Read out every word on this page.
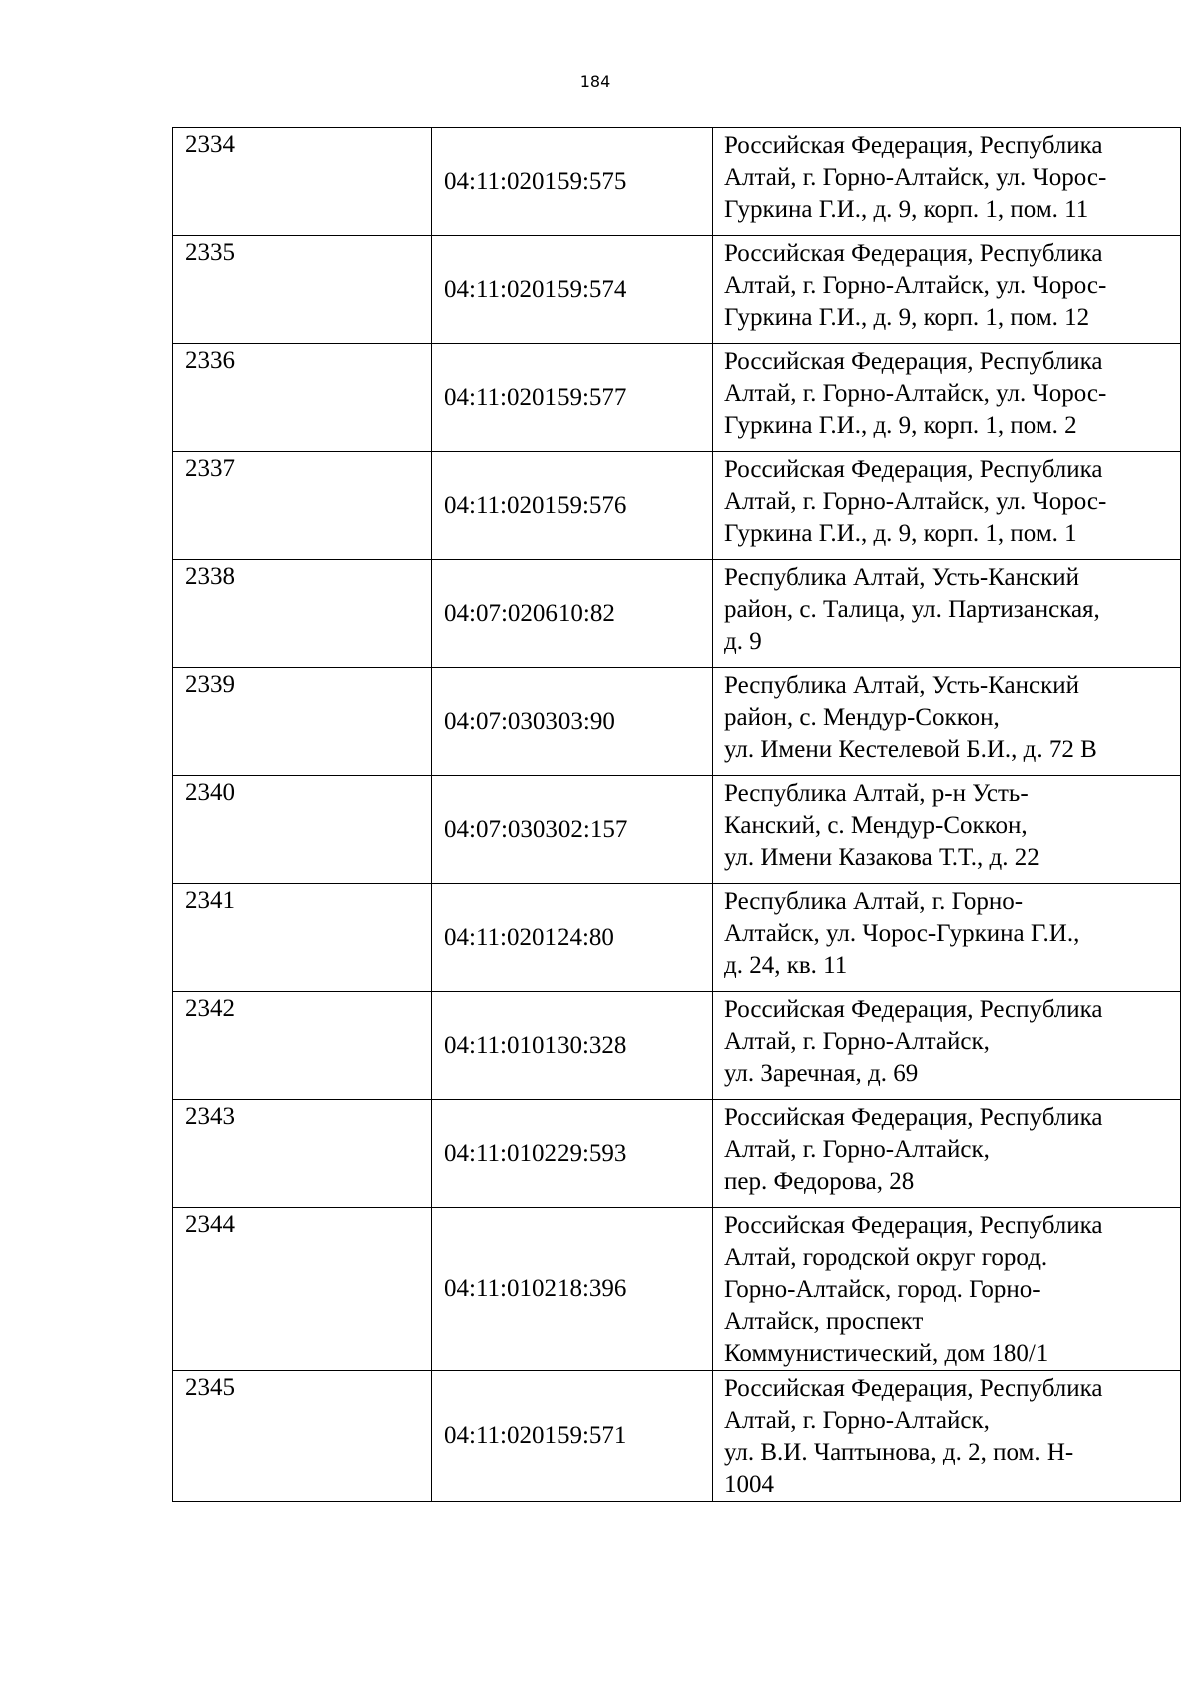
184
2334	04:11:020159:575	Российская Федерация, Республика
Алтай, г. Горно-Алтайск, ул. Чорос-
Гуркина Г.И., д. 9, корп. 1, пом. 11

2335	04:11:020159:574	Российская Федерация, Республика
Алтай, г. Горно-Алтайск, ул. Чорос-
Гуркина Г.И., д. 9, корп. 1, пом. 12

2336	04:11:020159:577	Российская Федерация, Республика
Алтай, г. Горно-Алтайск, ул. Чорос-
Гуркина Г.И., д. 9, корп. 1, пом. 2

2337	04:11:020159:576	Российская Федерация, Республика
Алтай, г. Горно-Алтайск, ул. Чорос-
Гуркина Г.И., д. 9, корп. 1, пом. 1

2338	04:07:020610:82	Республика Алтай, Усть-Канский
район, с. Талица, ул. Партизанская,
д. 9

2339	04:07:030303:90	Республика Алтай, Усть-Канский
район, с. Мендур-Соккон,
ул. Имени Кестелевой Б.И., д. 72 В

2340	04:07:030302:157	Республика Алтай, р-н Усть-
Канский, с. Мендур-Соккон,
ул. Имени Казакова Т.Т., д. 22

2341	04:11:020124:80	Республика Алтай, г. Горно-
Алтайск, ул. Чорос-Гуркина Г.И.,
д. 24, кв. 11

2342	04:11:010130:328	Российская Федерация, Республика
Алтай, г. Горно-Алтайск,
ул. Заречная, д. 69

2343	04:11:010229:593	Российская Федерация, Республика
Алтай, г. Горно-Алтайск,
пер. Федорова, 28

2344	04:11:010218:396	Российская Федерация, Республика
Алтай, городской округ город.
Горно-Алтайск, город. Горно-
Алтайск, проспект
Коммунистический, дом 180/1

2345	04:11:020159:571	Российская Федерация, Республика
Алтай, г. Горно-Алтайск,
ул. В.И. Чаптынова, д. 2, пом. Н-
1004
